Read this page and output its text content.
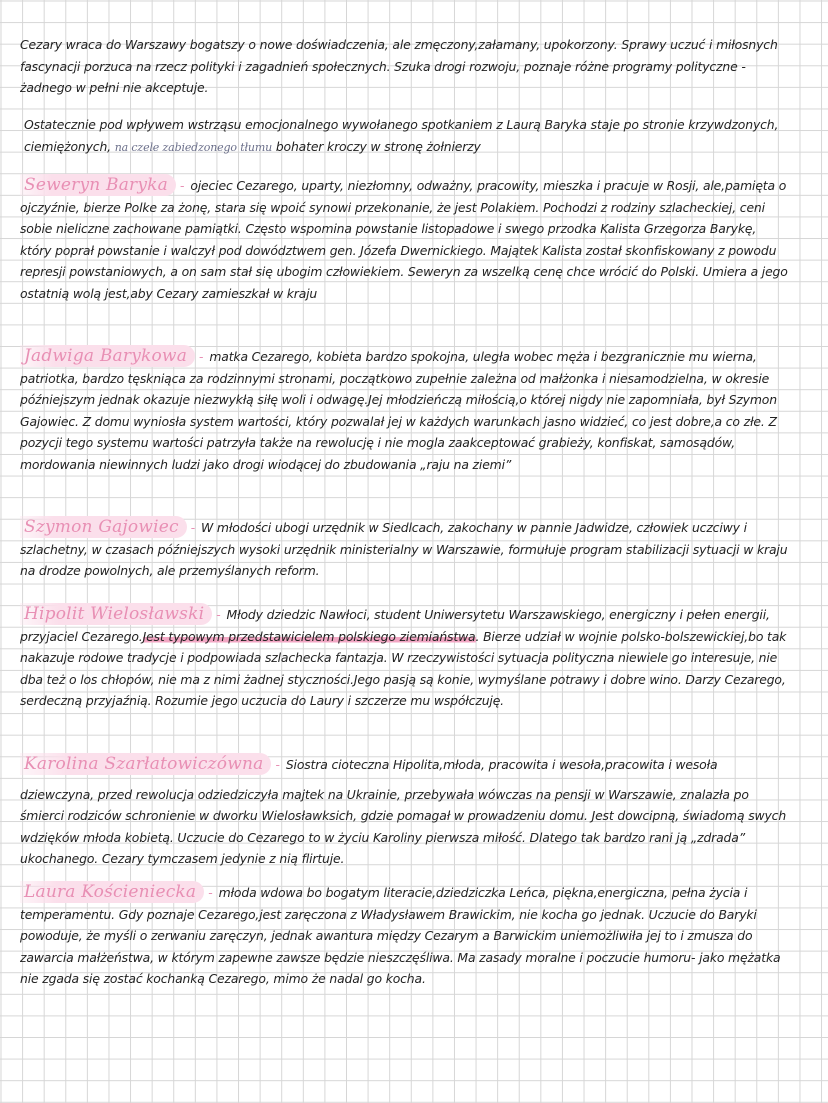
Cezary wraca do Warszawy bogatszy o nowe doświadczenia, ale zmęczony,załamany, upokorzony. Sprawy uczuć i miłosnych fascynacji porzuca na rzecz polityki i zagadnień społecznych. Szuka drogi rozwoju, poznaje różne programy polityczne - żadnego w pełni nie akceptuje.
Ostatecznie pod wpływem wstrząsu emocjonalnego wywołanego spotkaniem z Laurą Baryka staje po stronie krzywdzonych, ciemiężonych, na czele zabiedzonego tłumu bohater kroczy w stronę żołnierzy
Seweryn Baryka - ojeciec Cezarego, uparty, niezłomny, odważny, pracowity, mieszka i pracuje w Rosji, ale,pamięta o ojczyźnie, bierze Polke za żonę, stara się wpoić synowi przekonanie, że jest Polakiem. Pochodzi z rodziny szlacheckiej, ceni sobie nieliczne zachowane pamiątki. Często wspomina powstanie listopadowe i swego przodka Kalista Grzegorza Barykę, który poprał powstanie i walczył pod dowództwem gen. Józefa Dwernickiego. Majątek Kalista został skonfiskowany z powodu represji powstaniowych, a on sam stał się ubogim człowiekiem. Seweryn za wszelką cenę chce wrócić do Polski. Umiera a jego ostatnią wolą jest,aby Cezary zamieszkał w kraju
Jadwiga Barykowa - matka Cezarego, kobieta bardzo spokojna, uległa wobec męża i bezgranicznie mu wierna, patriotka, bardzo tęskniąca za rodzinnymi stronami, początkowo zupełnie zależna od małżonka i niesamodzielna, w okresie późniejszym jednak okazuje niezwykłą siłę woli i odwagę.Jej młodzieńczą miłością,o której nigdy nie zapomniała, był Szymon Gajowiec. Z domu wyniosła system wartości, który pozwalał jej w każdych warunkach jasno widzieć, co jest dobre,a co złe. Z pozycji tego systemu wartości patrzyła także na rewolucję i nie mogla zaakceptować grabieży, konfiskat, samosądów, mordowania niewinnych ludzi jako drogi wiodącej do zbudowania „raju na ziemi”
Szymon Gajowiec - W młodości ubogi urzędnik w Siedlcach, zakochany w pannie Jadwidze, człowiek uczciwy i szlachetny, w czasach późniejszych wysoki urzędnik ministerialny w Warszawie, formułuje program stabilizacji sytuacji w kraju na drodze powolnych, ale przemyślanych reform.
Hipolit Wielosławski - Młody dziedzic Nawłoci, student Uniwersytetu Warszawskiego, energiczny i pełen energii, przyjaciel Cezarego.Jest typowym przedstawicielem polskiego ziemiaństwa. Bierze udział w wojnie polsko-bolszewickiej,bo tak nakazuje rodowe tradycje i podpowiada szlachecka fantazja. W rzeczywistości sytuacja polityczna niewiele go interesuje, nie dba też o los chłopów, nie ma z nimi żadnej styczności.Jego pasją są konie, wymyślane potrawy i dobre wino. Darzy Cezarego, serdeczną przyjaźnią. Rozumie jego uczucia do Laury i szczerze mu współczuję.
Karolina Szarłatowiczówna - Siostra cioteczna Hipolita,młoda, pracowita i wesoła,pracowita i wesoła
dziewczyna, przed rewolucja odziedziczyła majtek na Ukrainie, przebywała wówczas na pensji w Warszawie, znalazła po śmierci rodziców schronienie w dworku Wielosławksich, gdzie pomagał w prowadzeniu domu. Jest dowcipną, świadomą swych wdzięków młoda kobietą. Uczucie do Cezarego to w życiu Karoliny pierwsza miłość. Dlatego tak bardzo rani ją „zdrada” ukochanego. Cezary tymczasem jedynie z nią flirtuje.
Laura Kościeniecka - młoda wdowa bo bogatym literacie,dziedziczka Leńca, piękna,energiczna, pełna życia i temperamentu. Gdy poznaje Cezarego,jest zaręczona z Władysławem Brawickim, nie kocha go jednak. Uczucie do Baryki powoduje, że myśli o zerwaniu zaręczyn, jednak awantura między Cezarym a Barwickim uniemożliwiła jej to i zmusza do zawarcia małżeństwa, w którym zapewne zawsze będzie nieszczęśliwa. Ma zasady moralne i poczucie humoru- jako mężatka nie zgada się zostać kochanką Cezarego, mimo że nadal go kocha.
